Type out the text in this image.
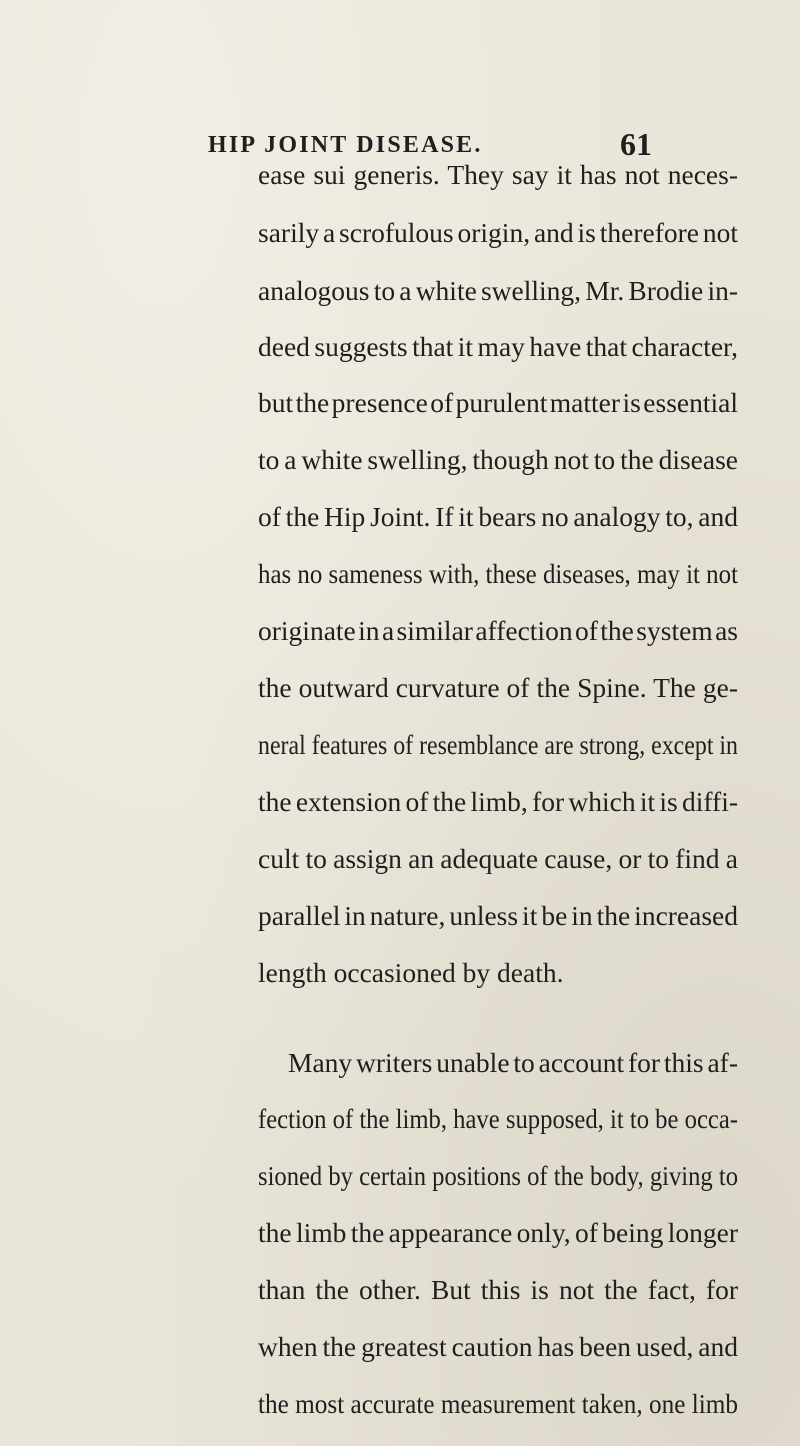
HIP JOINT DISEASE.	61
ease sui generis. They say it has not neces-
sarily a scrofulous origin, and is therefore not
analogous to a white swelling, Mr. Brodie in-
deed suggests that it may have that character,
but the presence of purulent matter is essential
to a white swelling, though not to the disease
of the Hip Joint. If it bears no analogy to, and
has no sameness with, these diseases, may it not
originate in a similar affection of the system as
the outward curvature of the Spine. The ge-
neral features of resemblance are strong, except in
the extension of the limb, for which it is diffi-
cult to assign an adequate cause, or to find a
parallel in nature, unless it be in the increased
length occasioned by death.
Many writers unable to account for this af-
fection of the limb, have supposed, it to be occa-
sioned by certain positions of the body, giving to
the limb the appearance only, of being longer
than the other. But this is not the fact, for
when the greatest caution has been used, and
the most accurate measurement taken, one limb
